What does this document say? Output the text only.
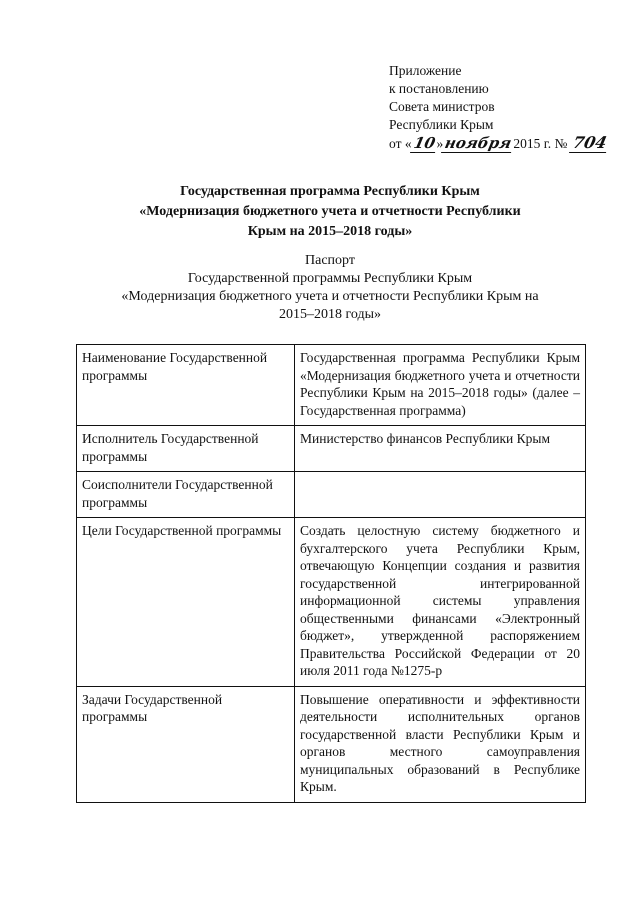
Приложение
к постановлению
Совета министров
Республики Крым
от «10»ноября2015 г. № 704
Государственная программа Республики Крым
«Модернизация бюджетного учета и отчетности Республики
Крым на 2015–2018 годы»
Паспорт
Государственной программы Республики Крым
«Модернизация бюджетного учета и отчетности Республики Крым на
2015–2018 годы»
Наименование Государственной программы	Государственная программа Республики Крым «Модернизация бюджетного учета и отчетности Республики Крым на 2015–2018 годы» (далее – Государственная программа)
Исполнитель Государственной программы	Министерство финансов Республики Крым
Соисполнители Государственной программы	
Цели Государственной программы	Создать целостную систему бюджетного и бухгалтерского учета Республики Крым, отвечающую Концепции создания и развития государственной интегрированной информационной системы управления общественными финансами «Электронный бюджет», утвержденной распоряжением Правительства Российской Федерации от 20 июля 2011 года №1275-р
Задачи Государственной программы	Повышение оперативности и эффективности деятельности исполнительных органов государственной власти Республики Крым и органов местного самоуправления муниципальных образований в Республике Крым.
